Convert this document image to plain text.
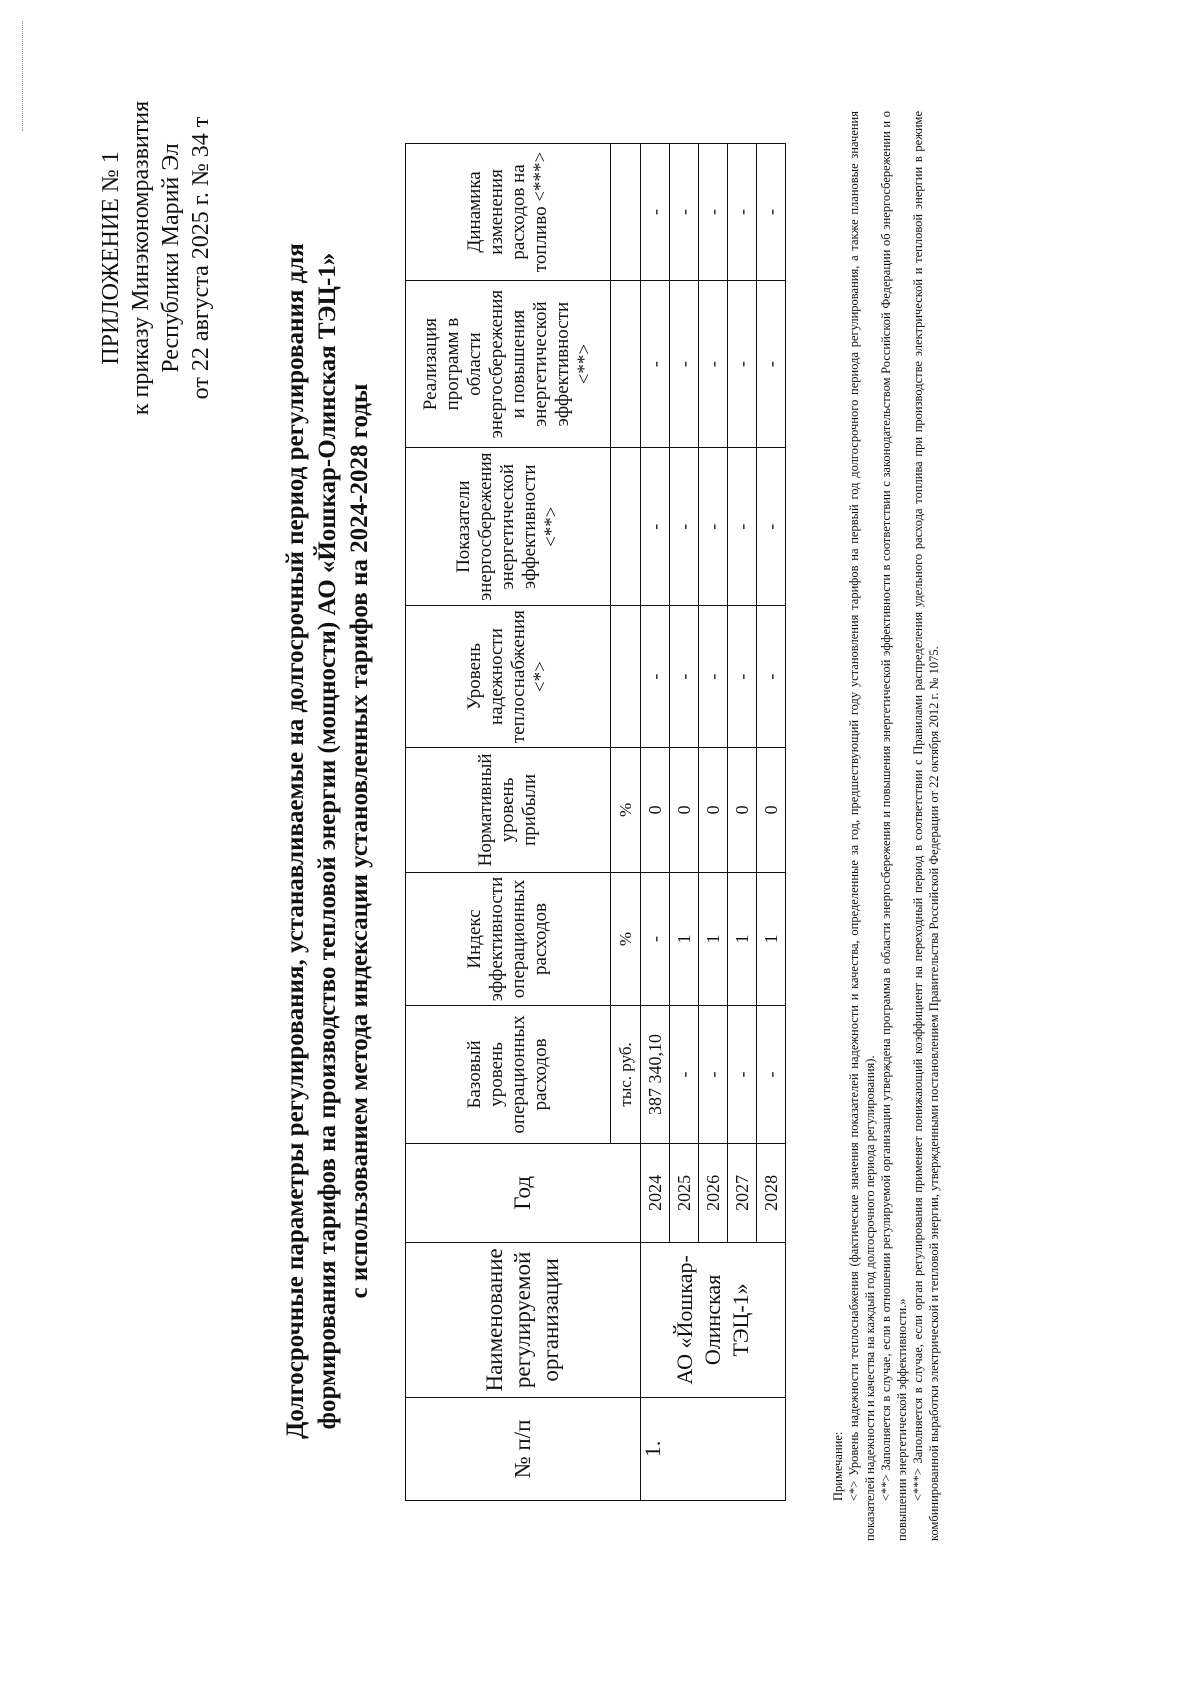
ПРИЛОЖЕНИЕ № 1 к приказу Минэкономразвития Республики Марий Эл от 22 августа 2025 г. № 34 т	Долгосрочные параметры регулирования, устанавливаемые на долгосрочный период регулирования для формирования тарифов на производство тепловой энергии (мощности) АО «Йошкар-Олинская ТЭЦ-1» с использованием метода индексации установленных тарифов на 2024-2028 годы
№ п/п	Наименование регулируемой организации	Год	Базовый уровень операционных расходов	Индекс эффективности операционных расходов	Нормативный уровень прибыли	Уровень надежности теплоснабжения <*>	Показатели энергосбережения энергетической эффективности <**>	Реализация программ в области энергосбережения и повышения энергетической эффективности <**>	Динамика изменения расходов на топливо <***>
			тыс. руб.	%	%				
1.	АО «Йошкар-Олинская ТЭЦ-1»	2024	387 340,10	-	0	-	-	-	-
		2025	-	1	0	-	-	-	-
		2026	-	1	0	-	-	-	-
		2027	-	1	0	-	-	-	-
		2028	-	1	0	-	-	-	-

Примечание: <*> Уровень надежности теплоснабжения (фактические значения показателей надежности и качества, определенные за год, предшествующий году установления тарифов на первый год долгосрочного периода регулирования, а также плановые значения показателей надежности и качества на каждый год долгосрочного периода регулирования). <**> Заполняется в случае, если в отношении регулируемой организации утверждена программа в области энергосбережения и повышения энергетической эффективности в соответствии с законодательством Российской Федерации об энергосбережении и о повышении энергетической эффективности.» <***> Заполняется в случае, если орган регулирования применяет понижающий коэффициент на переходный период в соответствии с Правилами распределения удельного расхода топлива при производстве электрической и тепловой энергии в режиме комбинированной выработки электрической и тепловой энергии, утвержденными постановлением Правительства Российской Федерации от 22 октября 2012 г. № 1075.
